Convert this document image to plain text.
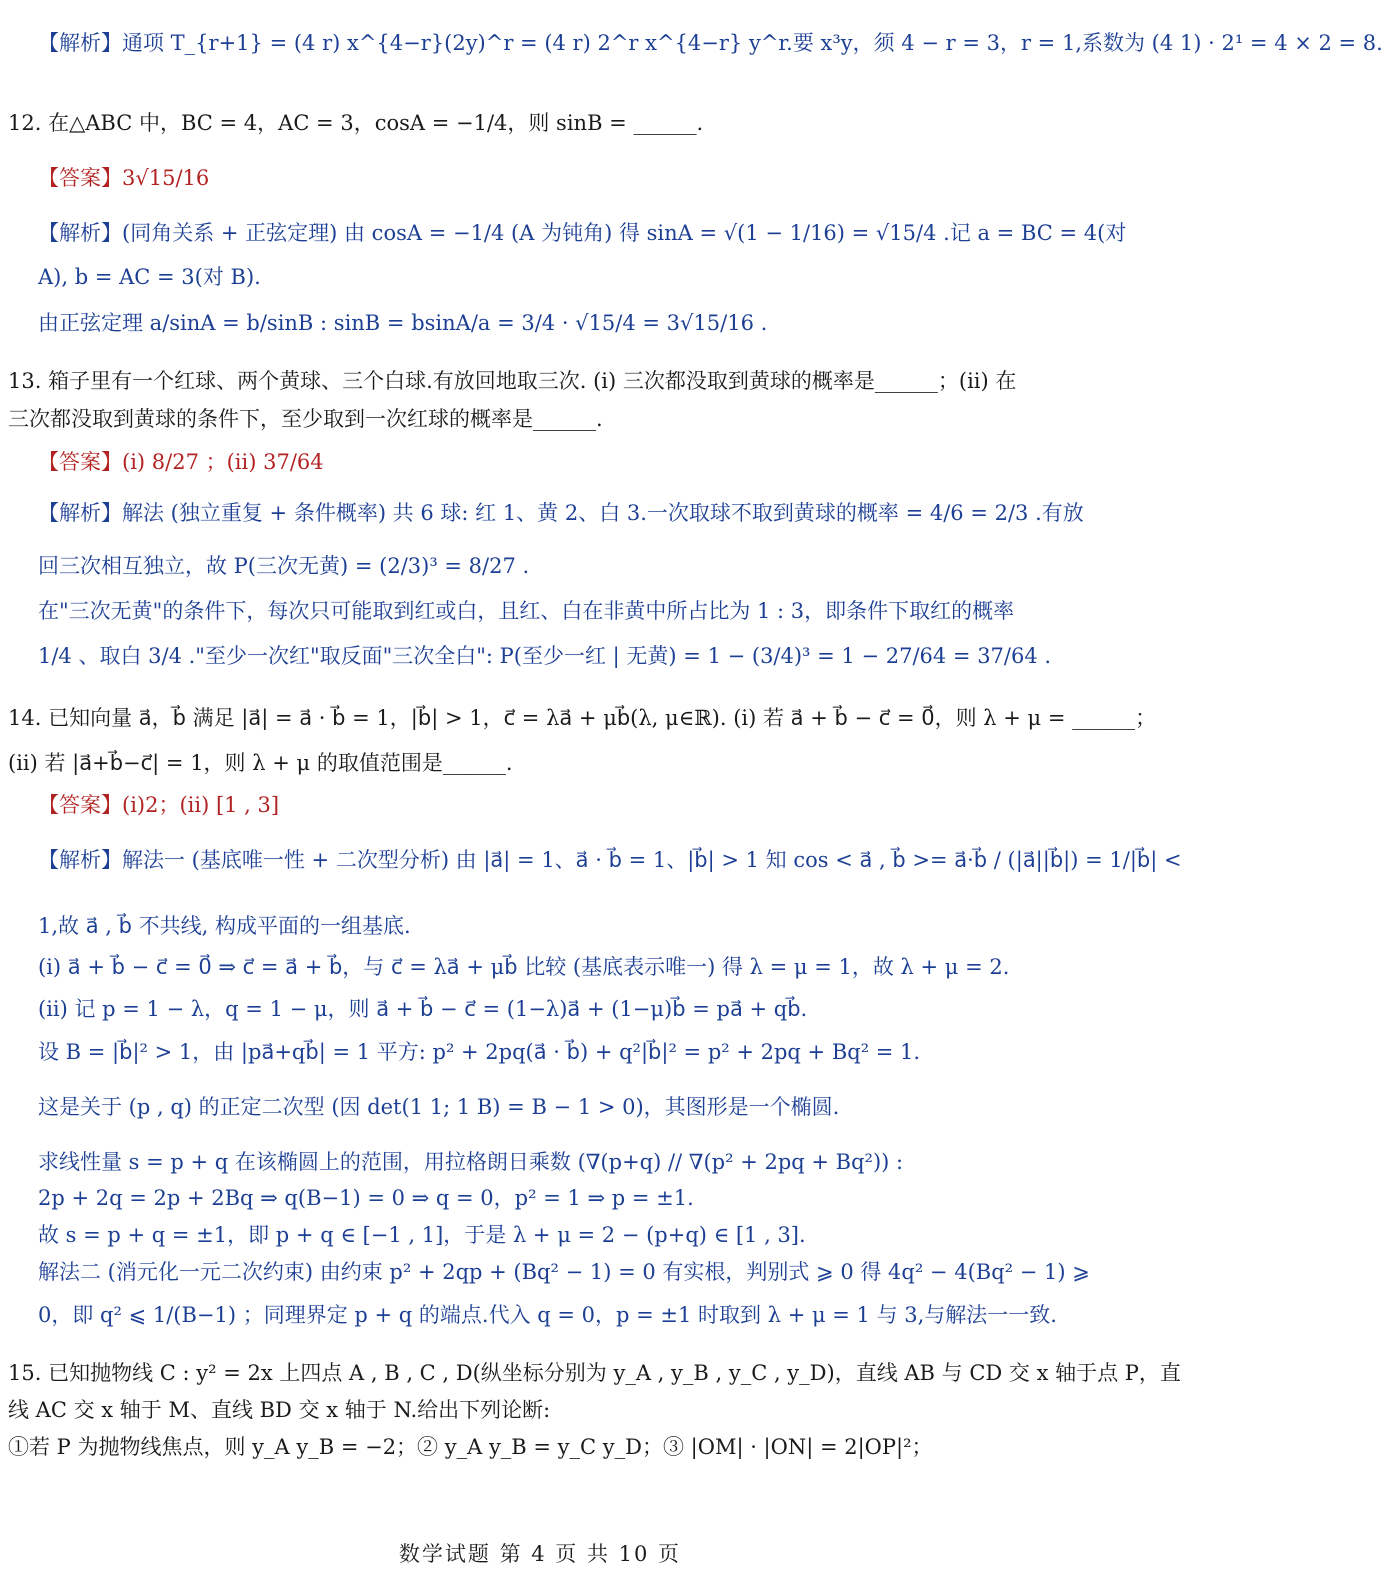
【解析】通项 T_{r+1} = (4 r) x^{4−r}(2y)^r = (4 r) 2^r x^{4−r} y^r.要 x³y，须 4 − r = 3，r = 1,系数为 (4 1) · 2¹ = 4 × 2 = 8.
12. 在△ABC 中，BC = 4，AC = 3，cosA = −1/4，则 sinB = ______.
【答案】3√15/16
【解析】(同角关系 + 正弦定理) 由 cosA = −1/4 (A 为钝角) 得 sinA = √(1 − 1/16) = √15/4 .记 a = BC = 4(对
A), b = AC = 3(对 B).
由正弦定理 a/sinA = b/sinB : sinB = bsinA/a = 3/4 · √15/4 = 3√15/16 .
13. 箱子里有一个红球、两个黄球、三个白球.有放回地取三次. (i) 三次都没取到黄球的概率是______；(ii) 在
三次都没取到黄球的条件下，至少取到一次红球的概率是______.
【答案】(i) 8/27 ；(ii) 37/64
【解析】解法 (独立重复 + 条件概率) 共 6 球: 红 1、黄 2、白 3.一次取球不取到黄球的概率 = 4/6 = 2/3 .有放
回三次相互独立，故 P(三次无黄) = (2/3)³ = 8/27 .
在"三次无黄"的条件下，每次只可能取到红或白，且红、白在非黄中所占比为 1 : 3，即条件下取红的概率
1/4 、取白 3/4 ."至少一次红"取反面"三次全白": P(至少一红 | 无黄) = 1 − (3/4)³ = 1 − 27/64 = 37/64 .
14. 已知向量 a⃗，b⃗ 满足 |a⃗| = a⃗ · b⃗ = 1，|b⃗| > 1，c⃗ = λa⃗ + μb⃗(λ, μ∈ℝ). (i) 若 a⃗ + b⃗ − c⃗ = 0⃗，则 λ + μ = ______；
(ii) 若 |a⃗+b⃗−c⃗| = 1，则 λ + μ 的取值范围是______.
【答案】(i)2；(ii) [1 , 3]
【解析】解法一 (基底唯一性 + 二次型分析) 由 |a⃗| = 1、a⃗ · b⃗ = 1、|b⃗| > 1 知 cos < a⃗ , b⃗ >= a⃗·b⃗ / (|a⃗||b⃗|) = 1/|b⃗| <
1,故 a⃗ , b⃗ 不共线, 构成平面的一组基底.
(i) a⃗ + b⃗ − c⃗ = 0⃗ ⇒ c⃗ = a⃗ + b⃗，与 c⃗ = λa⃗ + μb⃗ 比较 (基底表示唯一) 得 λ = μ = 1，故 λ + μ = 2.
(ii) 记 p = 1 − λ，q = 1 − μ，则 a⃗ + b⃗ − c⃗ = (1−λ)a⃗ + (1−μ)b⃗ = pa⃗ + qb⃗.
设 B = |b⃗|² > 1，由 |pa⃗+qb⃗| = 1 平方: p² + 2pq(a⃗ · b⃗) + q²|b⃗|² = p² + 2pq + Bq² = 1.
这是关于 (p , q) 的正定二次型 (因 det(1 1; 1 B) = B − 1 > 0)，其图形是一个椭圆.
求线性量 s = p + q 在该椭圆上的范围，用拉格朗日乘数 (∇(p+q) // ∇(p² + 2pq + Bq²)) :
2p + 2q = 2p + 2Bq ⇒ q(B−1) = 0 ⇒ q = 0，p² = 1 ⇒ p = ±1.
故 s = p + q = ±1，即 p + q ∈ [−1 , 1]，于是 λ + μ = 2 − (p+q) ∈ [1 , 3].
解法二 (消元化一元二次约束) 由约束 p² + 2qp + (Bq² − 1) = 0 有实根，判别式 ⩾ 0 得 4q² − 4(Bq² − 1) ⩾
0，即 q² ⩽ 1/(B−1) ；同理界定 p + q 的端点.代入 q = 0，p = ±1 时取到 λ + μ = 1 与 3,与解法一一致.
15. 已知抛物线 C : y² = 2x 上四点 A , B , C , D(纵坐标分别为 y_A , y_B , y_C , y_D)，直线 AB 与 CD 交 x 轴于点 P，直
线 AC 交 x 轴于 M、直线 BD 交 x 轴于 N.给出下列论断:
①若 P 为抛物线焦点，则 y_A y_B = −2；② y_A y_B = y_C y_D；③ |OM| · |ON| = 2|OP|²；
数学试题 第 4 页 共 10 页
